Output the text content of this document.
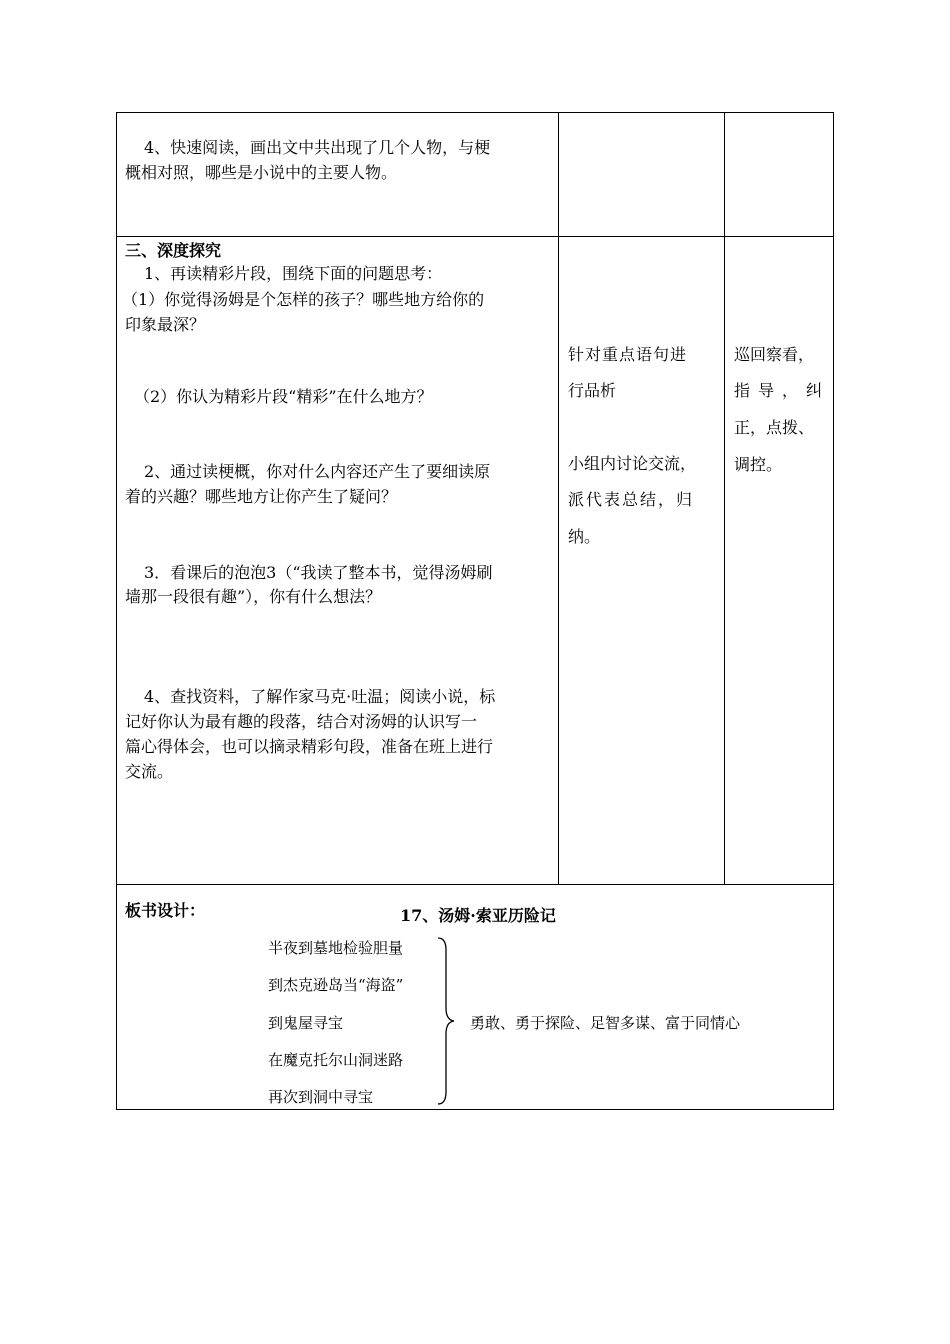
4、快速阅读，画出文中共出现了几个人物，与梗
概相对照，哪些是小说中的主要人物。
三、深度探究
1、再读精彩片段，围绕下面的问题思考：
（1）你觉得汤姆是个怎样的孩子？哪些地方给你的
印象最深？
（2）你认为精彩片段“精彩”在什么地方？
2、通过读梗概，你对什么内容还产生了要细读原
着的兴趣？哪些地方让你产生了疑问？
3．看课后的泡泡3（“我读了整本书，觉得汤姆刷
墙那一段很有趣”），你有什么想法？
4、查找资料，了解作家马克·吐温；阅读小说，标
记好你认为最有趣的段落，结合对汤姆的认识写一
篇心得体会，也可以摘录精彩句段，准备在班上进行
交流。
针对重点语句进
行品析
小组内讨论交流，
派代表总结，归
纳。
巡回察看，
指导，纠
正，点拨、
调控。
板书设计：	17、汤姆·索亚历险记
半夜到墓地检验胆量
到杰克逊岛当“海盗”
到鬼屋寻宝
在魔克托尔山洞迷路
再次到洞中寻宝
勇敢、勇于探险、足智多谋、富于同情心
